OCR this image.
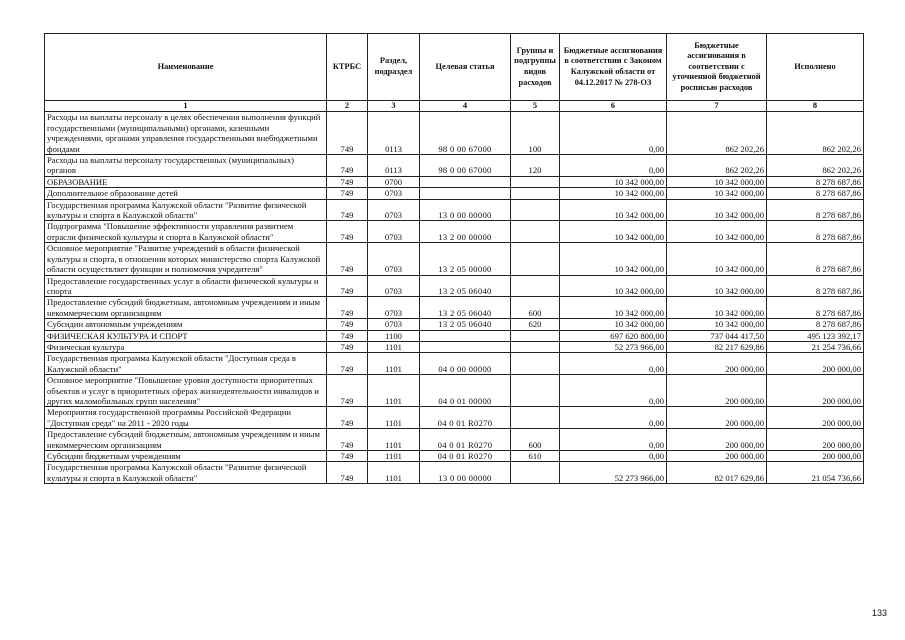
Наименование	КТРБС	Раздел, подраздел	Целевая статья	Группы и подгруппы видов расходов	Бюджетные ассигнования в соответствии с Законом Калужской области от 04.12.2017 № 278-ОЗ	Бюджетные ассигнования в соответствии с уточненной бюджетной росписью расходов	Исполнено
1	2	3	4	5	6	7	8
Расходы на выплаты персоналу в целях обеспечения выполнения функций государственными (муниципальными) органами, казенными учреждениями, органами управления государственными внебюджетными фондами	749	0113	98 0 00 67000	100	0,00	862 202,26	862 202,26
Расходы на выплаты персоналу государственных (муниципальных) органов	749	0113	98 0 00 67000	120	0,00	862 202,26	862 202,26
ОБРАЗОВАНИЕ	749	0700			10 342 000,00	10 342 000,00	8 278 687,86
Дополнительное образование детей	749	0703			10 342 000,00	10 342 000,00	8 278 687,86
Государственная программа Калужской области "Развитие физической культуры и спорта в Калужской области"	749	0703	13 0 00 00000		10 342 000,00	10 342 000,00	8 278 687,86
Подпрограмма "Повышение эффективности управления развитием отрасли физической культуры и спорта в Калужской области"	749	0703	13 2 00 00000		10 342 000,00	10 342 000,00	8 278 687,86
Основное мероприятие "Развитие учреждений в области физической культуры и спорта, в отношении которых министерство спорта Калужской области осуществляет функции и полномочия учредителя"	749	0703	13 2 05 00000		10 342 000,00	10 342 000,00	8 278 687,86
Предоставление государственных услуг в области физической культуры и спорта	749	0703	13 2 05 06040		10 342 000,00	10 342 000,00	8 278 687,86
Предоставление субсидий бюджетным, автономным учреждениям и иным некоммерческим организациям	749	0703	13 2 05 06040	600	10 342 000,00	10 342 000,00	8 278 687,86
Субсидии автономным учреждениям	749	0703	13 2 05 06040	620	10 342 000,00	10 342 000,00	8 278 687,86
ФИЗИЧЕСКАЯ КУЛЬТУРА И СПОРТ	749	1100			697 620 800,00	737 044 417,50	495 123 392,17
Физическая культура	749	1101			52 273 966,00	82 217 629,86	21 254 736,66
Государственная программа Калужской области "Доступная среда в Калужской области"	749	1101	04 0 00 00000		0,00	200 000,00	200 000,00
Основное мероприятие "Повышение уровня доступности приоритетных объектов и услуг в приоритетных сферах жизнедеятельности инвалидов и других маломобильных групп населения"	749	1101	04 0 01 00000		0,00	200 000,00	200 000,00
Мероприятия государственной программы Российской Федерации "Доступная среда" на 2011 - 2020 годы	749	1101	04 0 01 R0270		0,00	200 000,00	200 000,00
Предоставление субсидий бюджетным, автономным учреждениям и иным некоммерческим организациям	749	1101	04 0 01 R0270	600	0,00	200 000,00	200 000,00
Субсидии бюджетным учреждениям	749	1101	04 0 01 R0270	610	0,00	200 000,00	200 000,00
Государственная программа Калужской области "Развитие физической культуры и спорта в Калужской области"	749	1101	13 0 00 00000		52 273 966,00	82 017 629,86	21 054 736,66
133
